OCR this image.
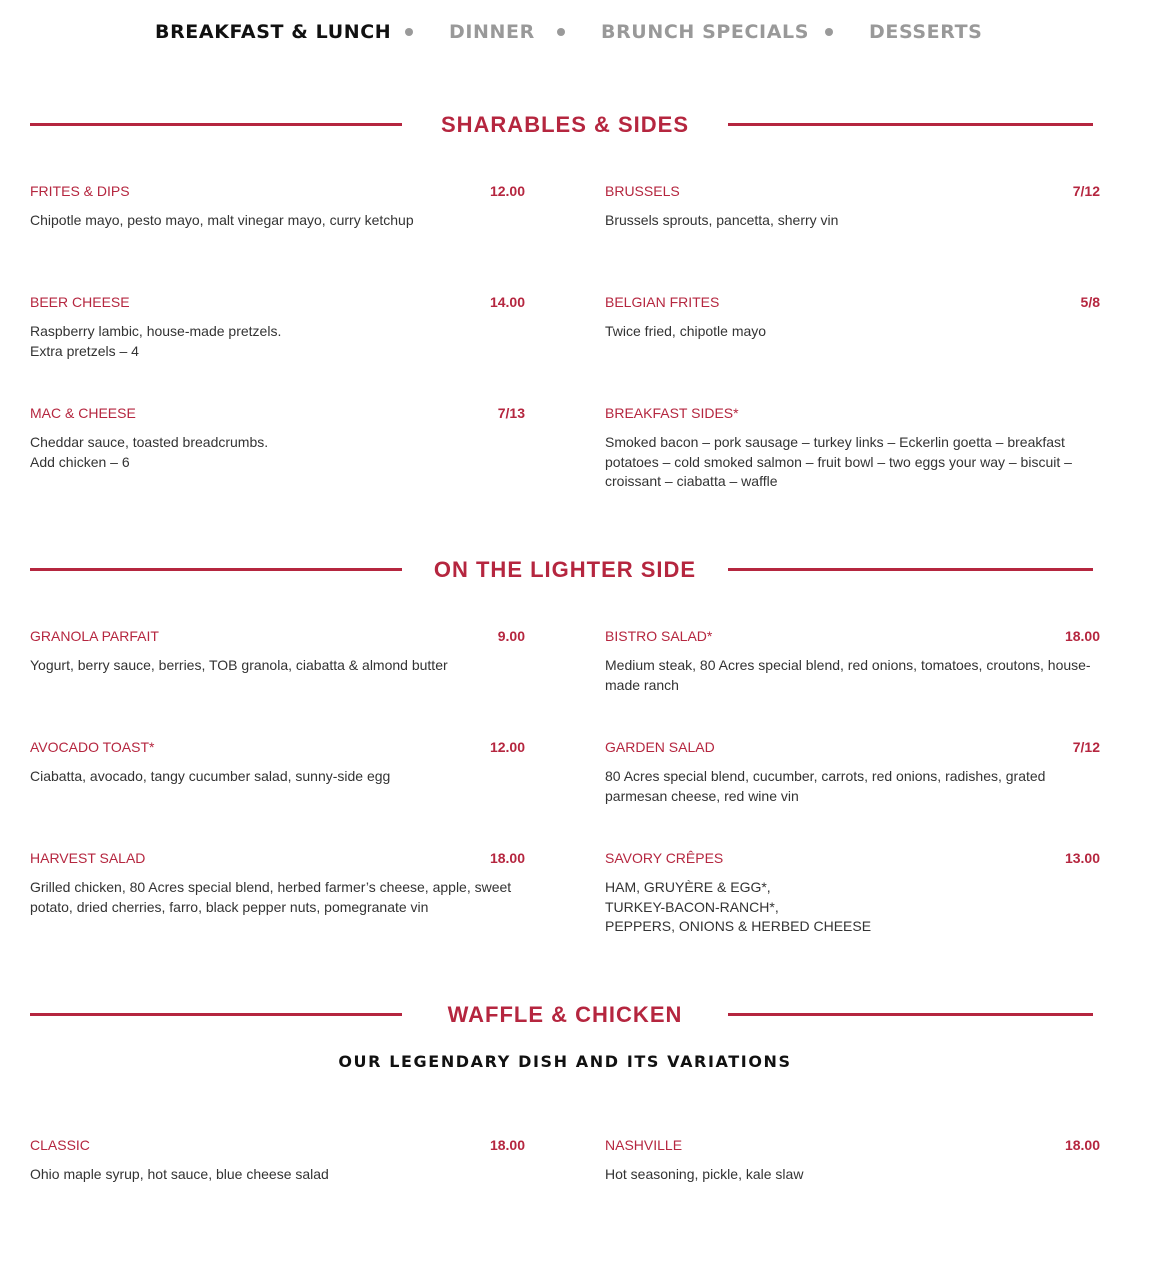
BREAKFAST & LUNCH	DINNER	BRUNCH SPECIALS	DESSERTS
SHARABLES & SIDES
FRITES & DIPS	12.00
Chipotle mayo, pesto mayo, malt vinegar mayo, curry ketchup
BRUSSELS	7/12
Brussels sprouts, pancetta, sherry vin
BEER CHEESE	14.00
Raspberry lambic, house-made pretzels.
Extra pretzels – 4
BELGIAN FRITES	5/8
Twice fried, chipotle mayo
MAC & CHEESE	7/13
Cheddar sauce, toasted breadcrumbs.
Add chicken – 6
BREAKFAST SIDES*
Smoked bacon – pork sausage – turkey links – Eckerlin goetta – breakfast potatoes – cold smoked salmon – fruit bowl – two eggs your way – biscuit – croissant – ciabatta – waffle
ON THE LIGHTER SIDE
GRANOLA PARFAIT	9.00
Yogurt, berry sauce, berries, TOB granola, ciabatta & almond butter
BISTRO SALAD*	18.00
Medium steak, 80 Acres special blend, red onions, tomatoes, croutons, house-made ranch
AVOCADO TOAST*	12.00
Ciabatta, avocado, tangy cucumber salad, sunny-side egg
GARDEN SALAD	7/12
80 Acres special blend, cucumber, carrots, red onions, radishes, grated parmesan cheese, red wine vin
HARVEST SALAD	18.00
Grilled chicken, 80 Acres special blend, herbed farmer’s cheese, apple, sweet potato, dried cherries, farro, black pepper nuts, pomegranate vin
SAVORY CRÊPES	13.00
HAM, GRUYÈRE & EGG*,
TURKEY-BACON-RANCH*,
PEPPERS, ONIONS & HERBED CHEESE
WAFFLE & CHICKEN
OUR LEGENDARY DISH AND ITS VARIATIONS
CLASSIC	18.00
Ohio maple syrup, hot sauce, blue cheese salad
NASHVILLE	18.00
Hot seasoning, pickle, kale slaw
